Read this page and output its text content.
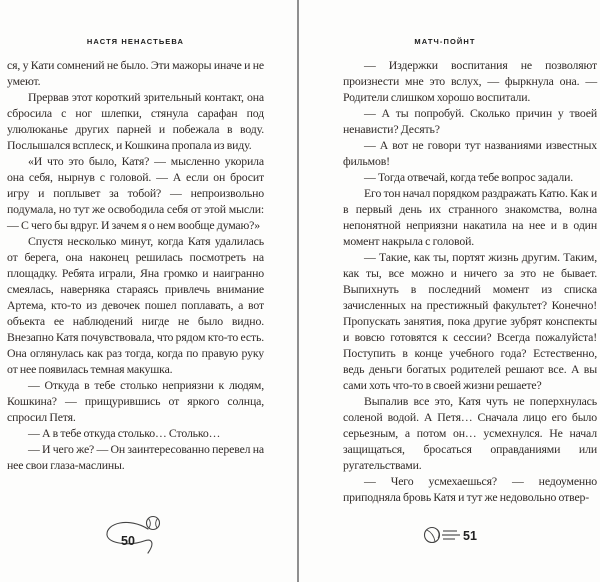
НАСТЯ НЕНАСТЬЕВА

ся, у Кати сомнений не было. Эти мажоры иначе и не умеют.

Прервав этот короткий зрительный контакт, она сбросила с ног шлепки, стянула сарафан под улюлюканье других парней и побежала в воду. Послышался всплеск, и Кошкина пропала из виду.

«И что это было, Катя? — мысленно укорила она себя, нырнув с головой. — А если он бросит игру и поплывет за тобой? — непроизвольно подумала, но тут же освободила себя от этой мысли: — С чего бы вдруг. И зачем я о нем вообще думаю?»

Спустя несколько минут, когда Катя удалилась от берега, она наконец решилась посмотреть на площадку. Ребята играли, Яна громко и наигранно смеялась, наверняка стараясь привлечь внимание Артема, кто-то из девочек пошел поплавать, а вот объекта ее наблюдений нигде не было видно. Внезапно Катя почувствовала, что рядом кто-то есть. Она оглянулась как раз тогда, когда по правую руку от нее появилась темная макушка.

— Откуда в тебе столько неприязни к людям, Кошкина? — прищурившись от яркого солнца, спросил Петя.

— А в тебе откуда столько… Столько…

— И чего же? — Он заинтересованно перевел на нее свои глаза-маслины.

50
МАТЧ-ПОЙНТ

— Издержки воспитания не позволяют произнести мне это вслух, — фыркнула она. — Родители слишком хорошо воспитали.

— А ты попробуй. Сколько причин у твоей ненависти? Десять?

— А вот не говори тут названиями известных фильмов!

— Тогда отвечай, когда тебе вопрос задали.

Его тон начал порядком раздражать Катю. Как и в первый день их странного знакомства, волна непонятной неприязни накатила на нее и в один момент накрыла с головой.

— Такие, как ты, портят жизнь другим. Таким, как ты, все можно и ничего за это не бывает. Выпихнуть в последний момент из списка зачисленных на престижный факультет? Конечно! Пропускать занятия, пока другие зубрят конспекты и вовсю готовятся к сессии? Всегда пожалуйста! Поступить в конце учебного года? Естественно, ведь деньги богатых родителей решают все. А вы сами хоть что-то в своей жизни решаете?

Выпалив все это, Катя чуть не поперхнулась соленой водой. А Петя… Сначала лицо его было серьезным, а потом он… усмехнулся. Не начал защищаться, бросаться оправданиями или ругательствами.

— Чего усмехаешься? — недоуменно приподняла бровь Катя и тут же недовольно отвер-

51
